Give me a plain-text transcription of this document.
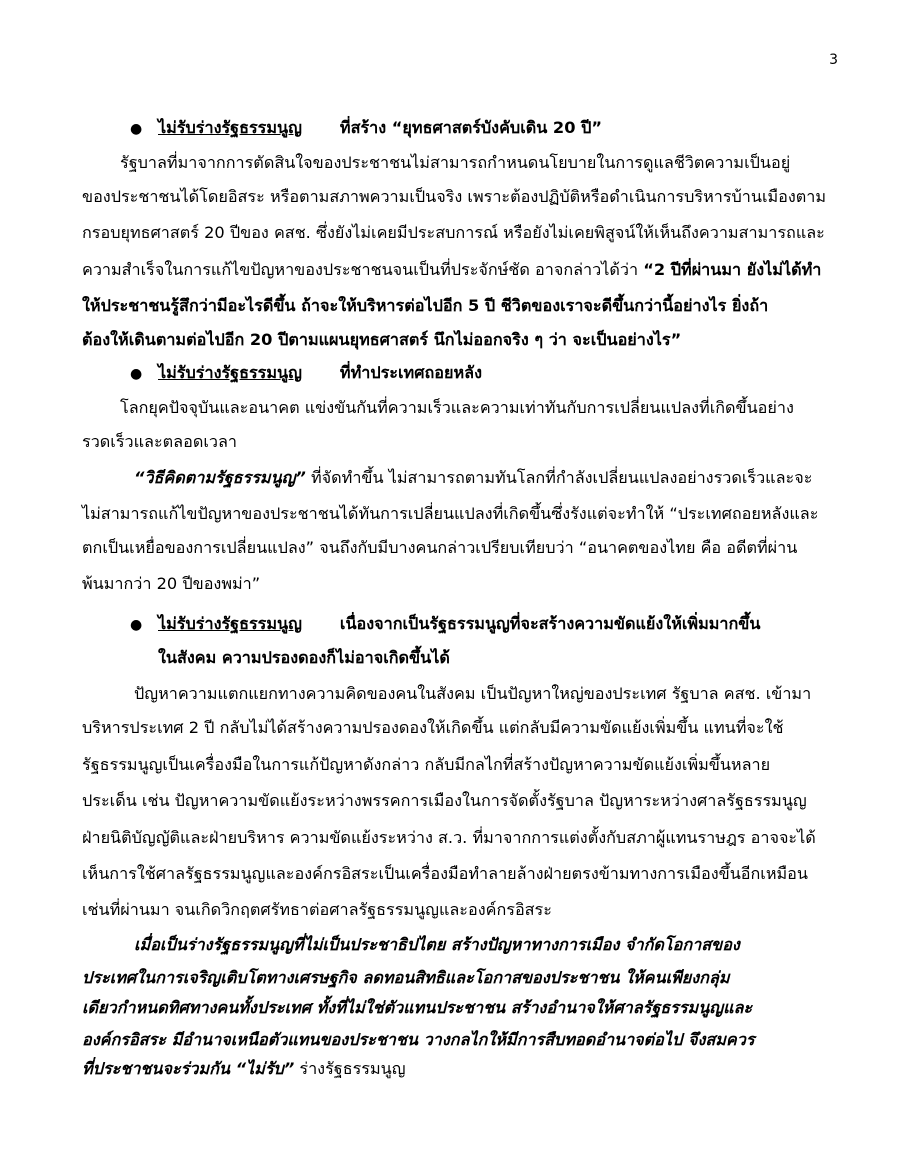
3
● ไม่รับร่างรัฐธรรมนูญ ที่สร้าง “ยุทธศาสตร์บังคับเดิน 20 ปี”
รัฐบาลที่มาจากการตัดสินใจของประชาชนไม่สามารถกำหนดนโยบายในการดูแลชีวิตความเป็นอยู่
ของประชาชนได้โดยอิสระ หรือตามสภาพความเป็นจริง เพราะต้องปฏิบัติหรือดำเนินการบริหารบ้านเมืองตาม
กรอบยุทธศาสตร์ 20 ปีของ คสช. ซึ่งยังไม่เคยมีประสบการณ์ หรือยังไม่เคยพิสูจน์ให้เห็นถึงความสามารถและ
ความสำเร็จในการแก้ไขปัญหาของประชาชนจนเป็นที่ประจักษ์ชัด อาจกล่าวได้ว่า “2 ปีที่ผ่านมา ยังไม่ได้ทำ
ให้ประชาชนรู้สึกว่ามีอะไรดีขึ้น ถ้าจะให้บริหารต่อไปอีก 5 ปี ชีวิตของเราจะดีขึ้นกว่านี้อย่างไร ยิ่งถ้า
ต้องให้เดินตามต่อไปอีก 20 ปีตามแผนยุทธศาสตร์ นึกไม่ออกจริง ๆ ว่า จะเป็นอย่างไร”
● ไม่รับร่างรัฐธรรมนูญ ที่ทำประเทศถอยหลัง
โลกยุคปัจจุบันและอนาคต แข่งขันกันที่ความเร็วและความเท่าทันกับการเปลี่ยนแปลงที่เกิดขึ้นอย่าง
รวดเร็วและตลอดเวลา
“วิธีคิดตามรัฐธรรมนูญ” ที่จัดทำขึ้น ไม่สามารถตามทันโลกที่กำลังเปลี่ยนแปลงอย่างรวดเร็วและจะ
ไม่สามารถแก้ไขปัญหาของประชาชนได้ทันการเปลี่ยนแปลงที่เกิดขึ้นซึ่งรังแต่จะทำให้ “ประเทศถอยหลังและ
ตกเป็นเหยื่อของการเปลี่ยนแปลง” จนถึงกับมีบางคนกล่าวเปรียบเทียบว่า “อนาคตของไทย คือ อดีตที่ผ่าน
พ้นมากว่า 20 ปีของพม่า”
● ไม่รับร่างรัฐธรรมนูญ เนื่องจากเป็นรัฐธรรมนูญที่จะสร้างความขัดแย้งให้เพิ่มมากขึ้น
ในสังคม ความปรองดองก็ไม่อาจเกิดขึ้นได้
ปัญหาความแตกแยกทางความคิดของคนในสังคม เป็นปัญหาใหญ่ของประเทศ รัฐบาล คสช. เข้ามา
บริหารประเทศ 2 ปี กลับไม่ได้สร้างความปรองดองให้เกิดขึ้น แต่กลับมีความขัดแย้งเพิ่มขึ้น แทนที่จะใช้
รัฐธรรมนูญเป็นเครื่องมือในการแก้ปัญหาดังกล่าว กลับมีกลไกที่สร้างปัญหาความขัดแย้งเพิ่มขึ้นหลาย
ประเด็น เช่น ปัญหาความขัดแย้งระหว่างพรรคการเมืองในการจัดตั้งรัฐบาล ปัญหาระหว่างศาลรัฐธรรมนูญ
ฝ่ายนิติบัญญัติและฝ่ายบริหาร ความขัดแย้งระหว่าง ส.ว. ที่มาจากการแต่งตั้งกับสภาผู้แทนราษฎร อาจจะได้
เห็นการใช้ศาลรัฐธรรมนูญและองค์กรอิสระเป็นเครื่องมือทำลายล้างฝ่ายตรงข้ามทางการเมืองขึ้นอีกเหมือน
เช่นที่ผ่านมา จนเกิดวิกฤตศรัทธาต่อศาลรัฐธรรมนูญและองค์กรอิสระ
เมื่อเป็นร่างรัฐธรรมนูญที่ไม่เป็นประชาธิปไตย สร้างปัญหาทางการเมือง จำกัดโอกาสของ
ประเทศในการเจริญเติบโตทางเศรษฐกิจ ลดทอนสิทธิและโอกาสของประชาชน ให้คนเพียงกลุ่ม
เดียวกำหนดทิศทางคนทั้งประเทศ ทั้งที่ไม่ใช่ตัวแทนประชาชน สร้างอำนาจให้ศาลรัฐธรรมนูญและ
องค์กรอิสระ มีอำนาจเหนือตัวแทนของประชาชน วางกลไกให้มีการสืบทอดอำนาจต่อไป จึงสมควร
ที่ประชาชนจะร่วมกัน “ไม่รับ” ร่างรัฐธรรมนูญ
